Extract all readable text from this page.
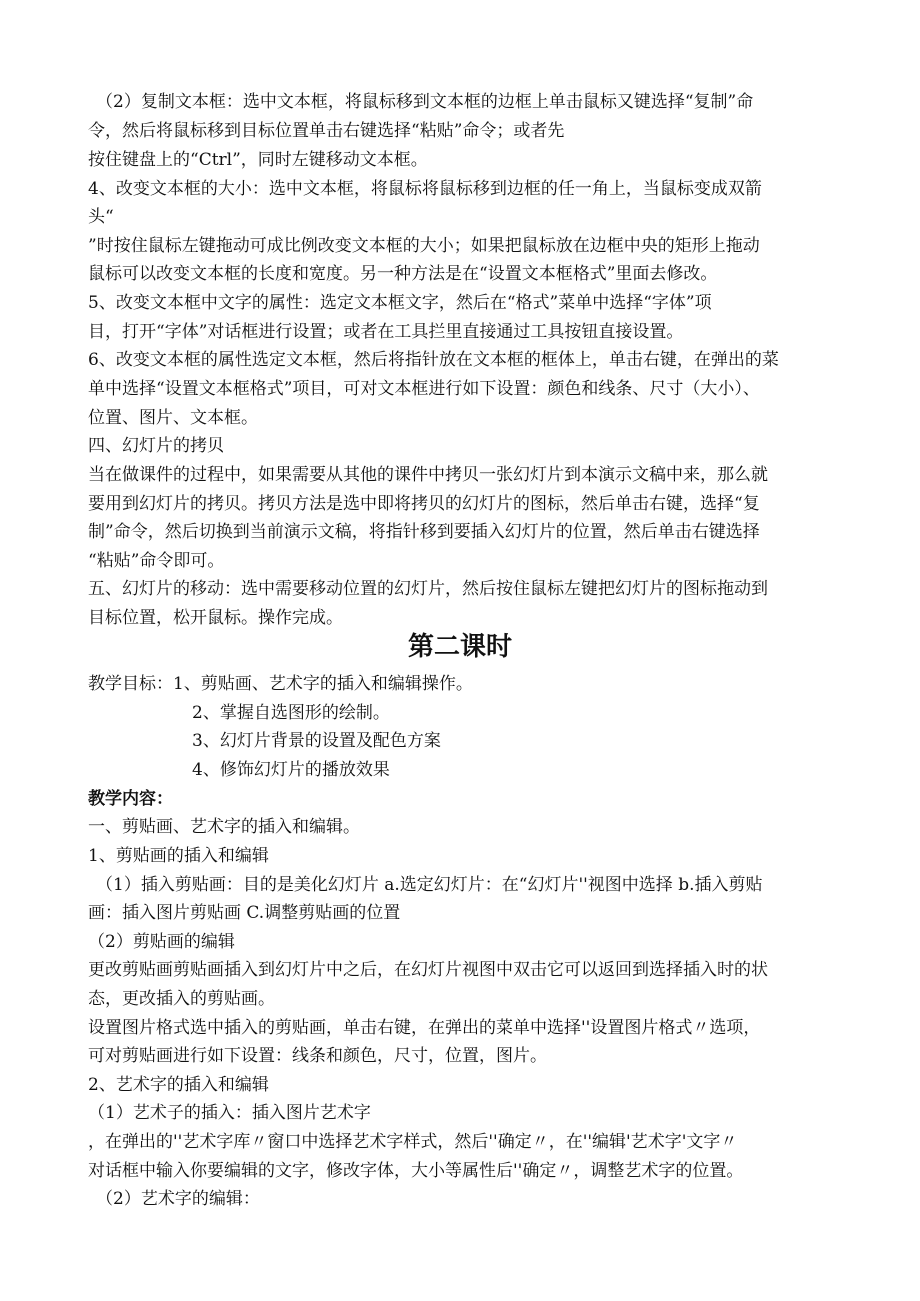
（2）复制文本框：选中文本框，将鼠标移到文本框的边框上单击鼠标又键选择“复制”命

令，然后将鼠标移到目标位置单击右键选择“粘贴”命令；或者先

按住键盘上的“Ctrl”，同时左键移动文本框。

4、改变文本框的大小：选中文本框，将鼠标将鼠标移到边框的任一角上，当鼠标变成双箭

头“

”时按住鼠标左键拖动可成比例改变文本框的大小；如果把鼠标放在边框中央的矩形上拖动

鼠标可以改变文本框的长度和宽度。另一种方法是在“设置文本框格式”里面去修改。

5、改变文本框中文字的属性：选定文本框文字，然后在“格式”菜单中选择“字体”项

目，打开“字体”对话框进行设置；或者在工具拦里直接通过工具按钮直接设置。

6、改变文本框的属性选定文本框，然后将指针放在文本框的框体上，单击右键，在弹出的菜

单中选择“设置文本框格式”项目，可对文本框进行如下设置：颜色和线条、尺寸（大小）、

位置、图片、文本框。

四、幻灯片的拷贝

当在做课件的过程中，如果需要从其他的课件中拷贝一张幻灯片到本演示文稿中来，那么就

要用到幻灯片的拷贝。拷贝方法是选中即将拷贝的幻灯片的图标，然后单击右键，选择“复

制”命令，然后切换到当前演示文稿，将指针移到要插入幻灯片的位置，然后单击右键选择

“粘贴”命令即可。

五、幻灯片的移动：选中需要移动位置的幻灯片，然后按住鼠标左键把幻灯片的图标拖动到

目标位置，松开鼠标。操作完成。

第二课时

教学目标：1、剪贴画、艺术字的插入和编辑操作。

2、掌握自选图形的绘制。

3、幻灯片背景的设置及配色方案

4、修饰幻灯片的播放效果

教学内容：

一、剪贴画、艺术字的插入和编辑。

1、剪贴画的插入和编辑

（1）插入剪贴画：目的是美化幻灯片 a.选定幻灯片：在“幻灯片''视图中选择 b.插入剪贴

画：插入图片剪贴画 C.调整剪贴画的位置

（2）剪贴画的编辑

更改剪贴画剪贴画插入到幻灯片中之后，在幻灯片视图中双击它可以返回到选择插入时的状

态，更改插入的剪贴画。

设置图片格式选中插入的剪贴画，单击右键，在弹出的菜单中选择''设置图片格式〃选项，

可对剪贴画进行如下设置：线条和颜色，尺寸，位置，图片。

2、艺术字的插入和编辑

（1）艺术子的插入：插入图片艺术字

，在弹出的''艺术字库〃窗口中选择艺术字样式，然后''确定〃，在''编辑'艺术字'文字〃

对话框中输入你要编辑的文字，修改字体，大小等属性后''确定〃，调整艺术字的位置。

（2）艺术字的编辑：
